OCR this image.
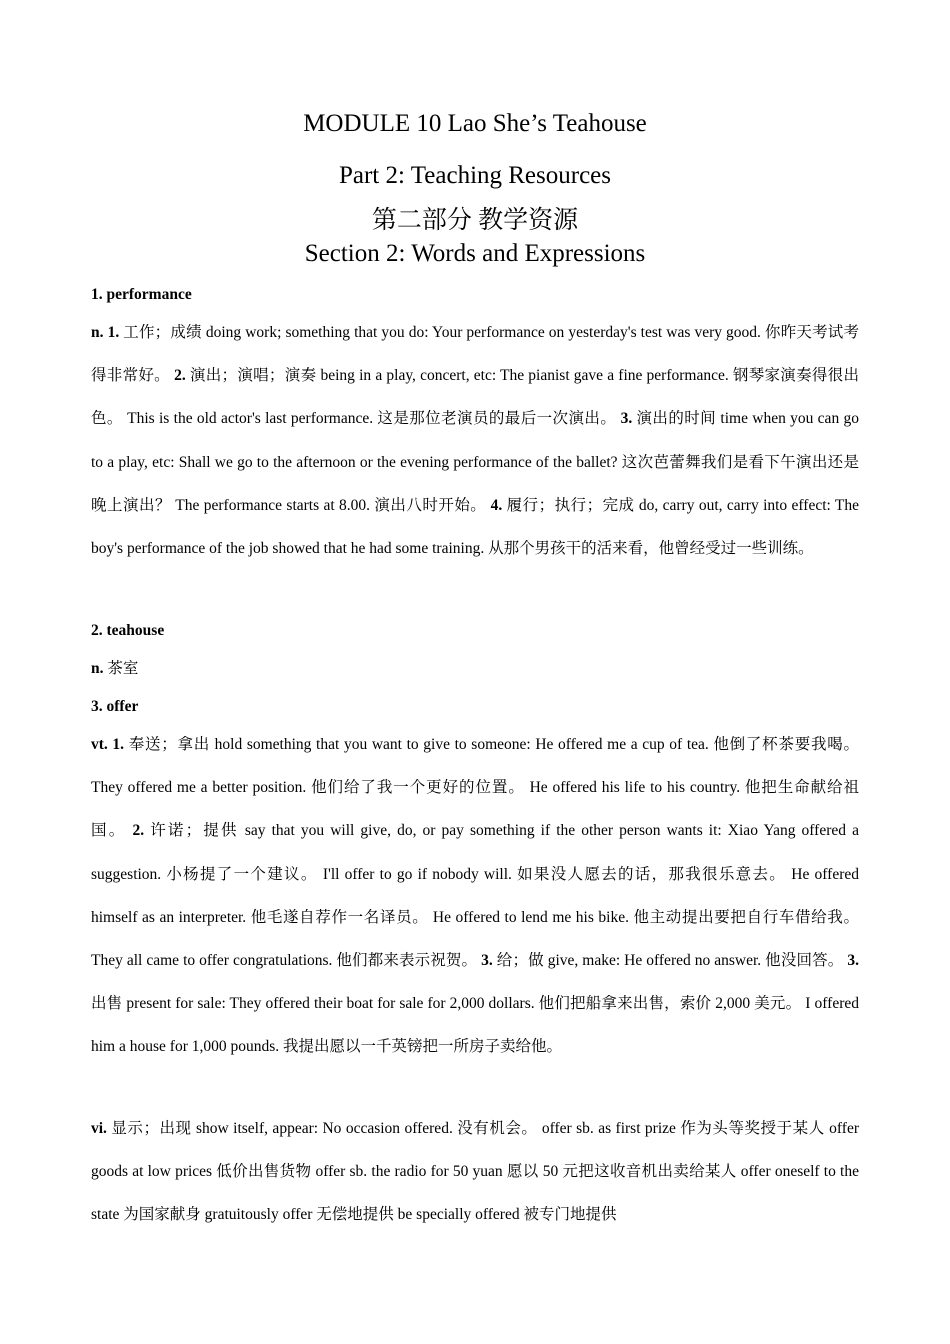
MODULE 10 Lao She’s Teahouse
Part 2: Teaching Resources
第二部分 教学资源
Section 2: Words and Expressions
1. performance

n. 1. 工作；成绩 doing work; something that you do: Your performance on yesterday's test was very good. 你昨天考试考得非常好。 2. 演出；演唱；演奏 being in a play, concert, etc: The pianist gave a fine performance. 钢琴家演奏得很出色。 This is the old actor's last performance. 这是那位老演员的最后一次演出。 3. 演出的时间 time when you can go to a play, etc: Shall we go to the afternoon or the evening performance of the ballet? 这次芭蕾舞我们是看下午演出还是晚上演出？ The performance starts at 8.00. 演出八时开始。 4. 履行；执行；完成 do, carry out, carry into effect: The boy's performance of the job showed that he had some training. 从那个男孩干的活来看，他曾经受过一些训练。

2. teahouse

n. 茶室

3. offer

vt. 1. 奉送；拿出 hold something that you want to give to someone: He offered me a cup of tea. 他倒了杯茶要我喝。 They offered me a better position. 他们给了我一个更好的位置。 He offered his life to his country. 他把生命献给祖国。 2. 许诺；提供 say that you will give, do, or pay something if the other person wants it: Xiao Yang offered a suggestion. 小杨提了一个建议。 I'll offer to go if nobody will. 如果没人愿去的话，那我很乐意去。 He offered himself as an interpreter. 他毛遂自荐作一名译员。 He offered to lend me his bike. 他主动提出要把自行车借给我。 They all came to offer congratulations. 他们都来表示祝贺。 3. 给；做 give, make: He offered no answer. 他没回答。 3. 出售 present for sale: They offered their boat for sale for 2,000 dollars. 他们把船拿来出售，索价 2,000 美元。 I offered him a house for 1,000 pounds. 我提出愿以一千英镑把一所房子卖给他。

vi. 显示；出现 show itself, appear: No occasion offered. 没有机会。 offer sb. as first prize 作为头等奖授于某人 offer goods at low prices 低价出售货物 offer sb. the radio for 50 yuan 愿以 50 元把这收音机出卖给某人 offer oneself to the state 为国家献身 gratuitously offer 无偿地提供 be specially offered 被专门地提供
